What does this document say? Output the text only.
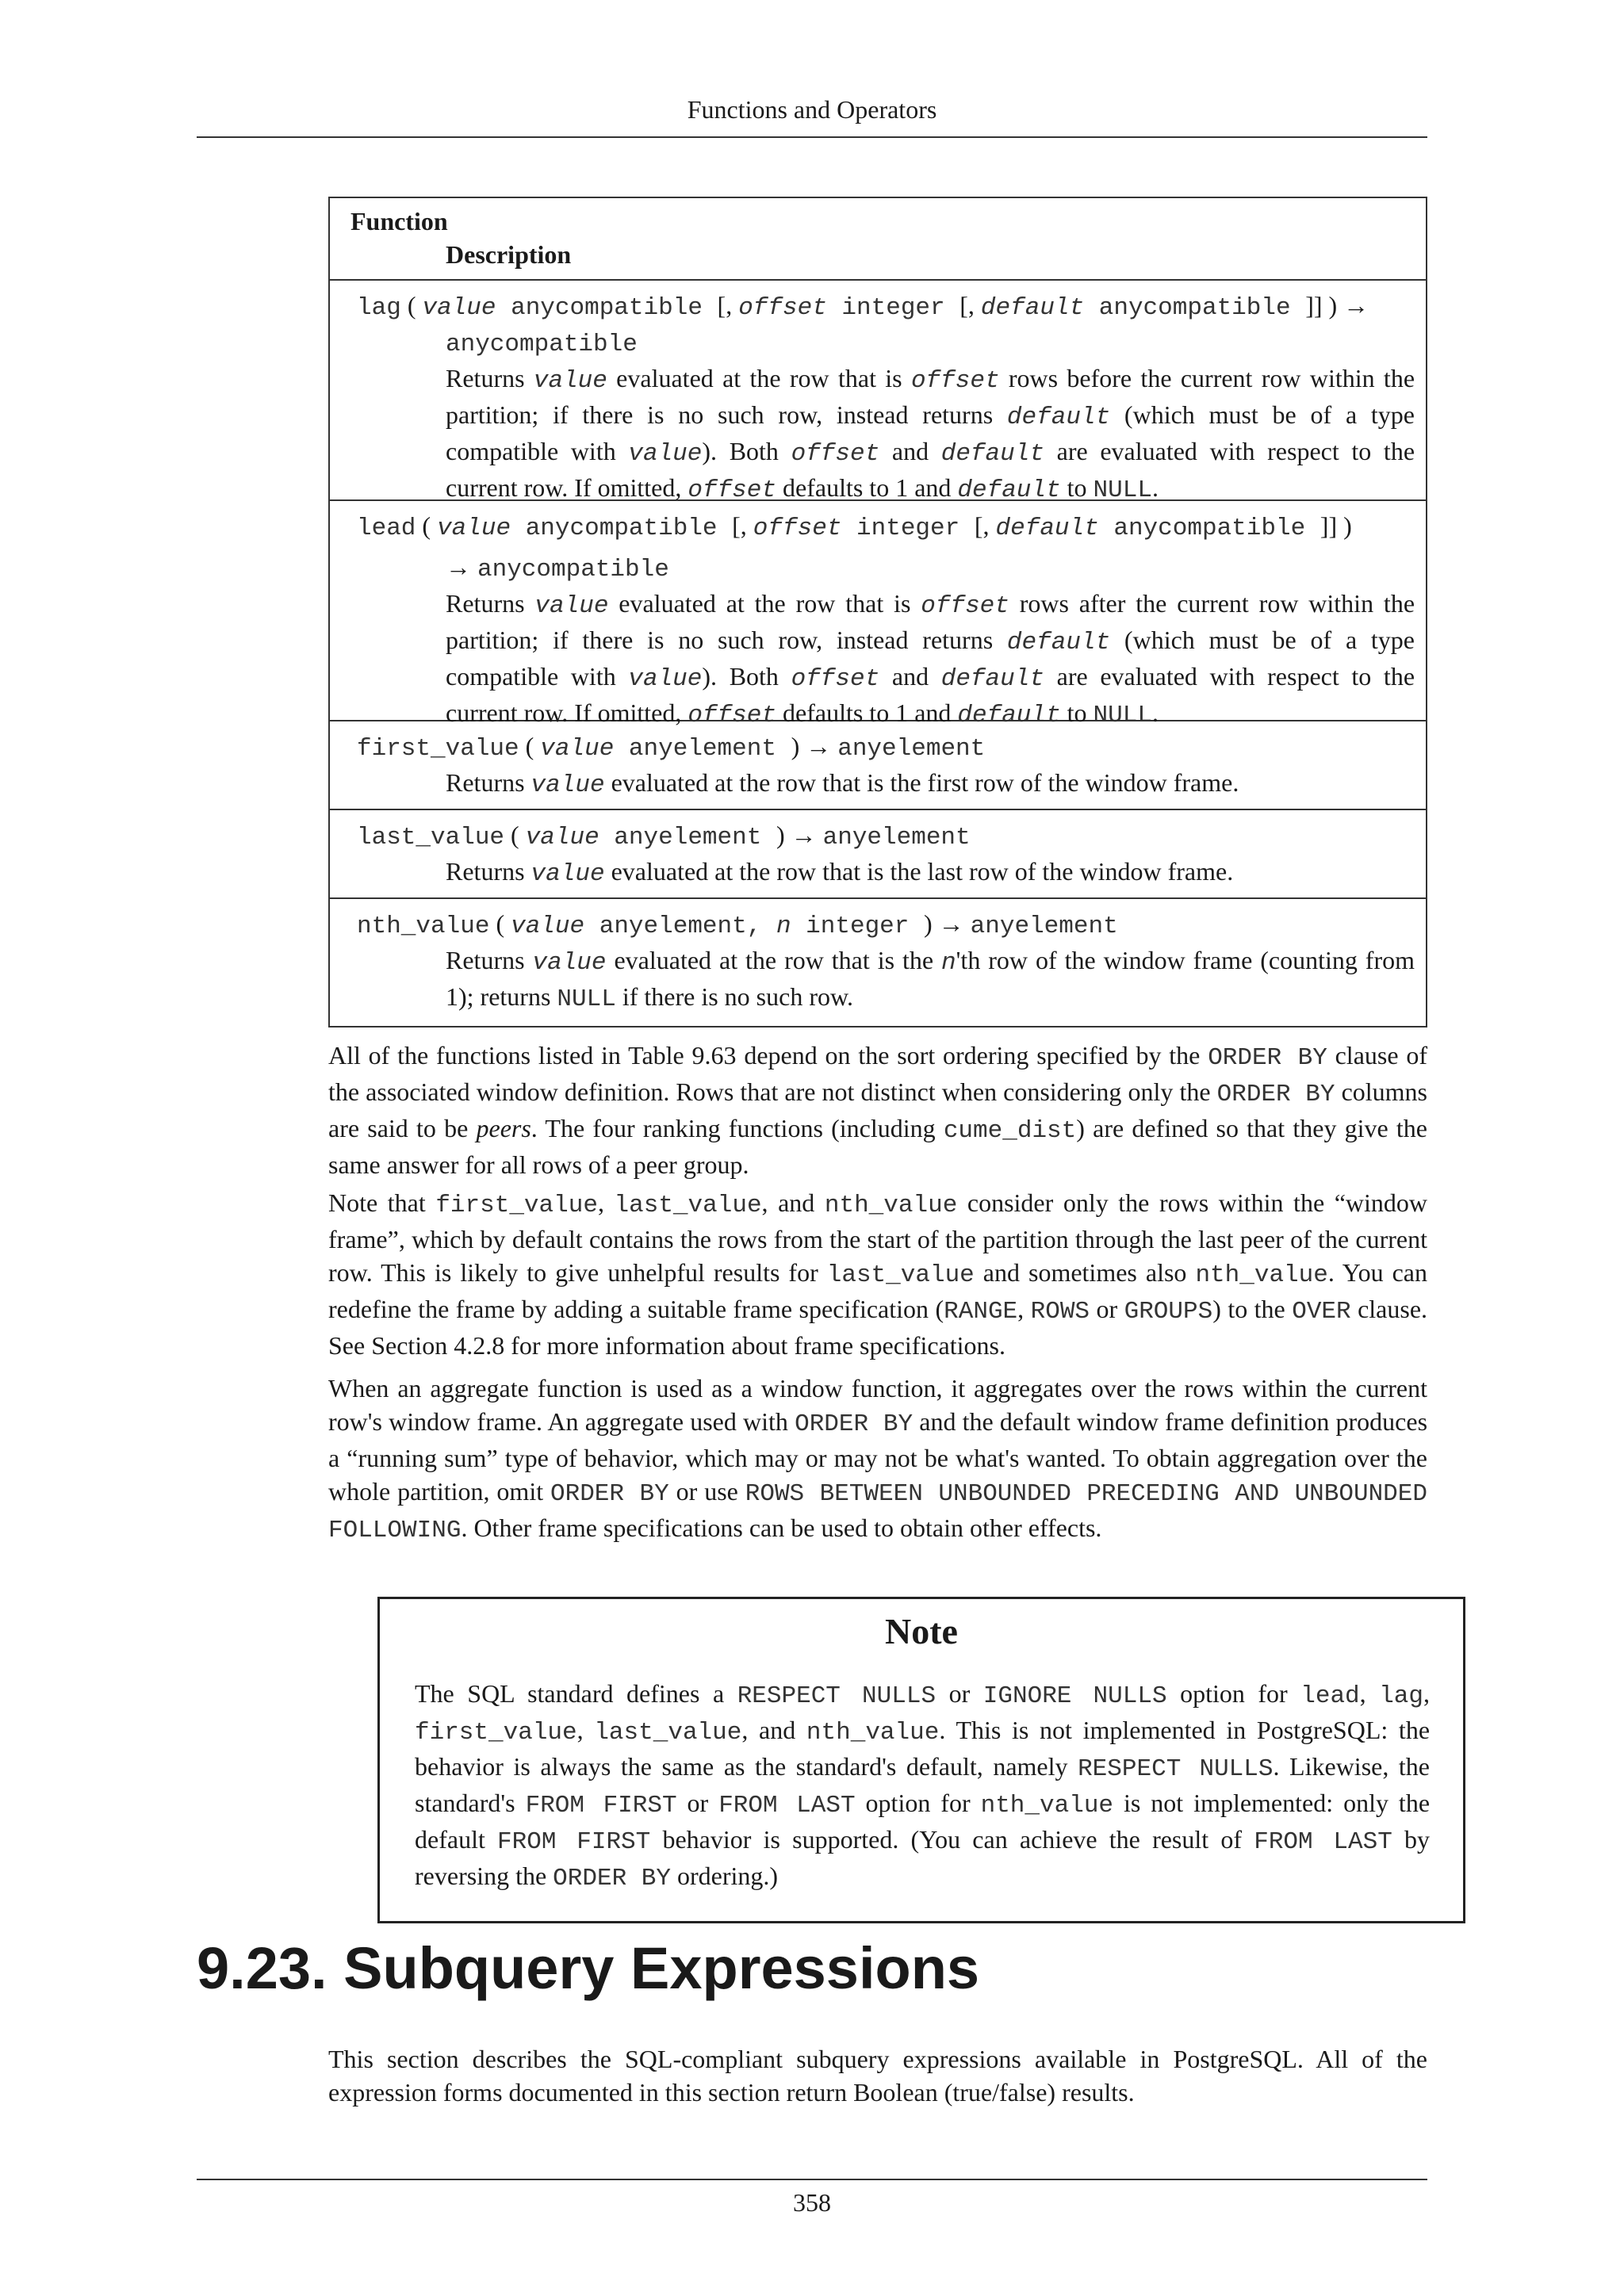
Functions and Operators
Function
Description
lag ( value anycompatible [, offset integer [, default anycompatible ]] ) →
anycompatible
Returns value evaluated at the row that is offset rows before the current row within the partition; if there is no such row, instead returns default (which must be of a type compatible with value). Both offset and default are evaluated with respect to the current row. If omitted, offset defaults to 1 and default to NULL.
lead ( value anycompatible [, offset integer [, default anycompatible ]] )
→ anycompatible
Returns value evaluated at the row that is offset rows after the current row within the partition; if there is no such row, instead returns default (which must be of a type compatible with value). Both offset and default are evaluated with respect to the current row. If omitted, offset defaults to 1 and default to NULL.
first_value ( value anyelement ) → anyelement
Returns value evaluated at the row that is the first row of the window frame.
last_value ( value anyelement ) → anyelement
Returns value evaluated at the row that is the last row of the window frame.
nth_value ( value anyelement, n integer ) → anyelement
Returns value evaluated at the row that is the n'th row of the window frame (counting from 1); returns NULL if there is no such row.

All of the functions listed in Table 9.63 depend on the sort ordering specified by the ORDER BY clause of the associated window definition. Rows that are not distinct when considering only the ORDER BY columns are said to be peers. The four ranking functions (including cume_dist) are defined so that they give the same answer for all rows of a peer group.

Note that first_value, last_value, and nth_value consider only the rows within the “window frame”, which by default contains the rows from the start of the partition through the last peer of the current row. This is likely to give unhelpful results for last_value and sometimes also nth_value. You can redefine the frame by adding a suitable frame specification (RANGE, ROWS or GROUPS) to the OVER clause. See Section 4.2.8 for more information about frame specifications.

When an aggregate function is used as a window function, it aggregates over the rows within the current row's window frame. An aggregate used with ORDER BY and the default window frame definition produces a “running sum” type of behavior, which may or may not be what's wanted. To obtain aggregation over the whole partition, omit ORDER BY or use ROWS BETWEEN UNBOUNDED PRECEDING AND UNBOUNDED FOLLOWING. Other frame specifications can be used to obtain other effects.

Note

The SQL standard defines a RESPECT NULLS or IGNORE NULLS option for lead, lag, first_value, last_value, and nth_value. This is not implemented in PostgreSQL: the behavior is always the same as the standard's default, namely RESPECT NULLS. Likewise, the standard's FROM FIRST or FROM LAST option for nth_value is not implemented: only the default FROM FIRST behavior is supported. (You can achieve the result of FROM LAST by reversing the ORDER BY ordering.)

9.23. Subquery Expressions

This section describes the SQL-compliant subquery expressions available in PostgreSQL. All of the expression forms documented in this section return Boolean (true/false) results.

358
